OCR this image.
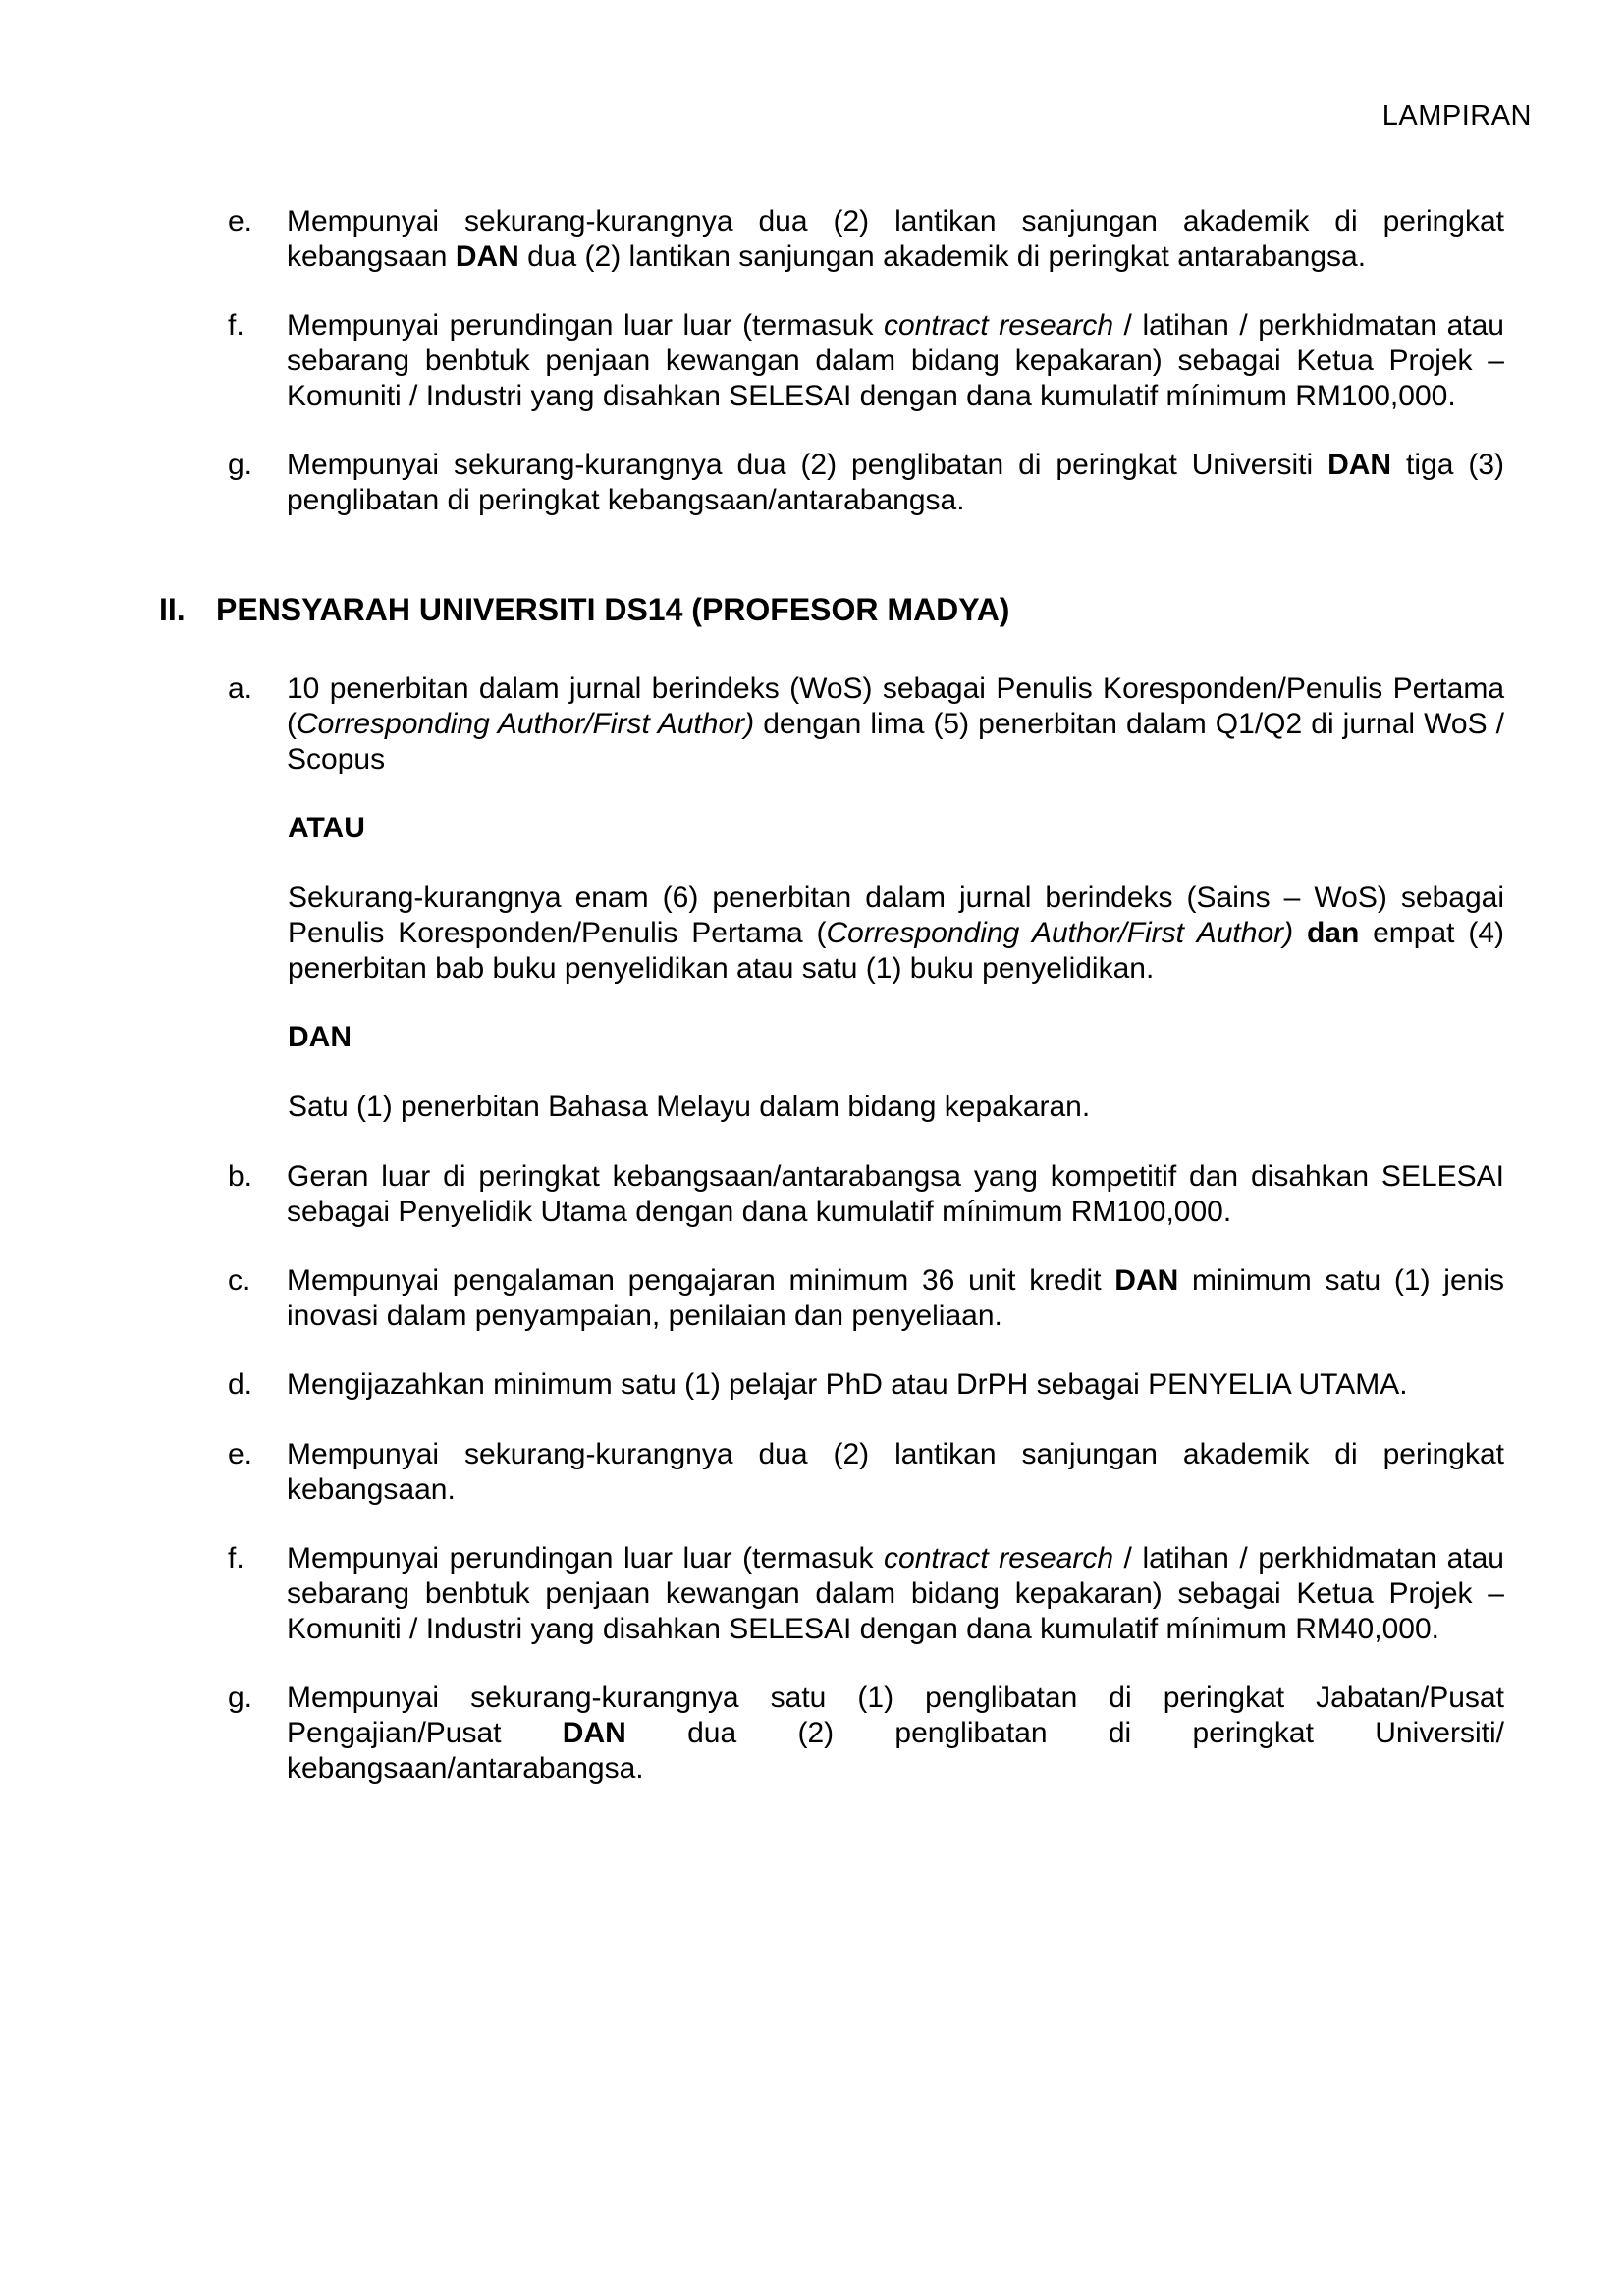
LAMPIRAN
e. Mempunyai sekurang-kurangnya dua (2) lantikan sanjungan akademik di peringkat kebangsaan DAN dua (2) lantikan sanjungan akademik di peringkat antarabangsa.
f. Mempunyai perundingan luar luar (termasuk contract research / latihan / perkhidmatan atau sebarang benbtuk penjaan kewangan dalam bidang kepakaran) sebagai Ketua Projek – Komuniti / Industri yang disahkan SELESAI dengan dana kumulatif mínimum RM100,000.
g. Mempunyai sekurang-kurangnya dua (2) penglibatan di peringkat Universiti DAN tiga (3) penglibatan di peringkat kebangsaan/antarabangsa.
II. PENSYARAH UNIVERSITI DS14 (PROFESOR MADYA)
a. 10 penerbitan dalam jurnal berindeks (WoS) sebagai Penulis Koresponden/Penulis Pertama (Corresponding Author/First Author) dengan lima (5) penerbitan dalam Q1/Q2 di jurnal WoS / Scopus
ATAU
Sekurang-kurangnya enam (6) penerbitan dalam jurnal berindeks (Sains – WoS) sebagai Penulis Koresponden/Penulis Pertama (Corresponding Author/First Author) dan empat (4) penerbitan bab buku penyelidikan atau satu (1) buku penyelidikan.
DAN
Satu (1) penerbitan Bahasa Melayu dalam bidang kepakaran.
b. Geran luar di peringkat kebangsaan/antarabangsa yang kompetitif dan disahkan SELESAI sebagai Penyelidik Utama dengan dana kumulatif mínimum RM100,000.
c. Mempunyai pengalaman pengajaran minimum 36 unit kredit DAN minimum satu (1) jenis inovasi dalam penyampaian, penilaian dan penyeliaan.
d. Mengijazahkan minimum satu (1) pelajar PhD atau DrPH sebagai PENYELIA UTAMA.
e. Mempunyai sekurang-kurangnya dua (2) lantikan sanjungan akademik di peringkat kebangsaan.
f. Mempunyai perundingan luar luar (termasuk contract research / latihan / perkhidmatan atau sebarang benbtuk penjaan kewangan dalam bidang kepakaran) sebagai Ketua Projek – Komuniti / Industri yang disahkan SELESAI dengan dana kumulatif mínimum RM40,000.
g. Mempunyai sekurang-kurangnya satu (1) penglibatan di peringkat Jabatan/Pusat
Pengajian/Pusat DAN dua (2) penglibatan di peringkat Universiti/
kebangsaan/antarabangsa.
